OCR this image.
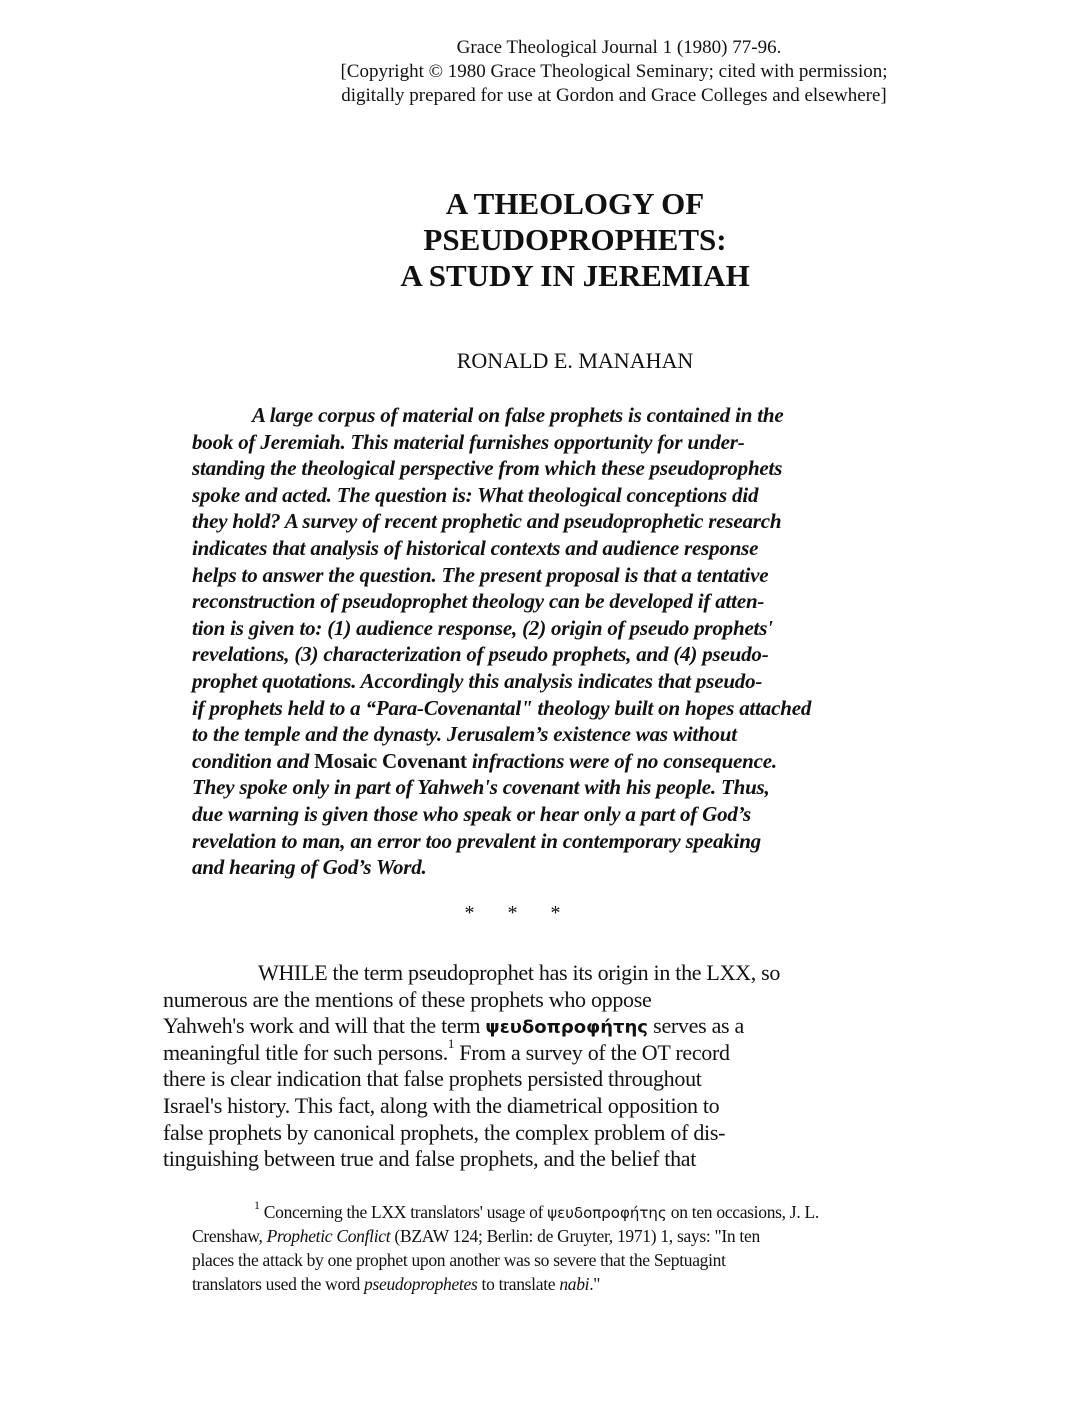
Grace Theological Journal 1 (1980) 77-96.
[Copyright © 1980 Grace Theological Seminary; cited with permission;
digitally prepared for use at Gordon and Grace Colleges and elsewhere]
A THEOLOGY OF
PSEUDOPROPHETS:
A STUDY IN JEREMIAH
RONALD E. MANAHAN
A large corpus of material on false prophets is contained in the
book of Jeremiah. This material furnishes opportunity for under-
standing the theological perspective from which these pseudoprophets
spoke and acted. The question is: What theological conceptions did
they hold? A survey of recent prophetic and pseudoprophetic research
indicates that analysis of historical contexts and audience response
helps to answer the question. The present proposal is that a tentative
reconstruction of pseudoprophet theology can be developed if atten-
tion is given to: (1) audience response, (2) origin of pseudo prophets'
revelations, (3) characterization of pseudo prophets, and (4) pseudo-
prophet quotations. Accordingly this analysis indicates that pseudo-
if prophets held to a “Para-Covenantal" theology built on hopes attached
to the temple and the dynasty. Jerusalem’s existence was without
condition and Mosaic Covenant infractions were of no consequence.
They spoke only in part of Yahweh's covenant with his people. Thus,
due warning is given those who speak or hear only a part of God’s
revelation to man, an error too prevalent in contemporary speaking
and hearing of God’s Word.
* * *
WHILE the term pseudoprophet has its origin in the LXX, so
numerous are the mentions of these prophets who oppose
Yahweh's work and will that the term ψευδοπροφήτης serves as a
meaningful title for such persons.$^1$ From a survey of the OT record
there is clear indication that false prophets persisted throughout
Israel's history. This fact, along with the diametrical opposition to
false prophets by canonical prophets, the complex problem of dis-
tinguishing between true and false prophets, and the belief that
$^1$ Concerning the LXX translators' usage of ψευδοπροφήτης on ten occasions, J. L.
Crenshaw, Prophetic Conflict (BZAW 124; Berlin: de Gruyter, 1971) 1, says: "In ten
places the attack by one prophet upon another was so severe that the Septuagint
translators used the word pseudoprophetes to translate nabi."
